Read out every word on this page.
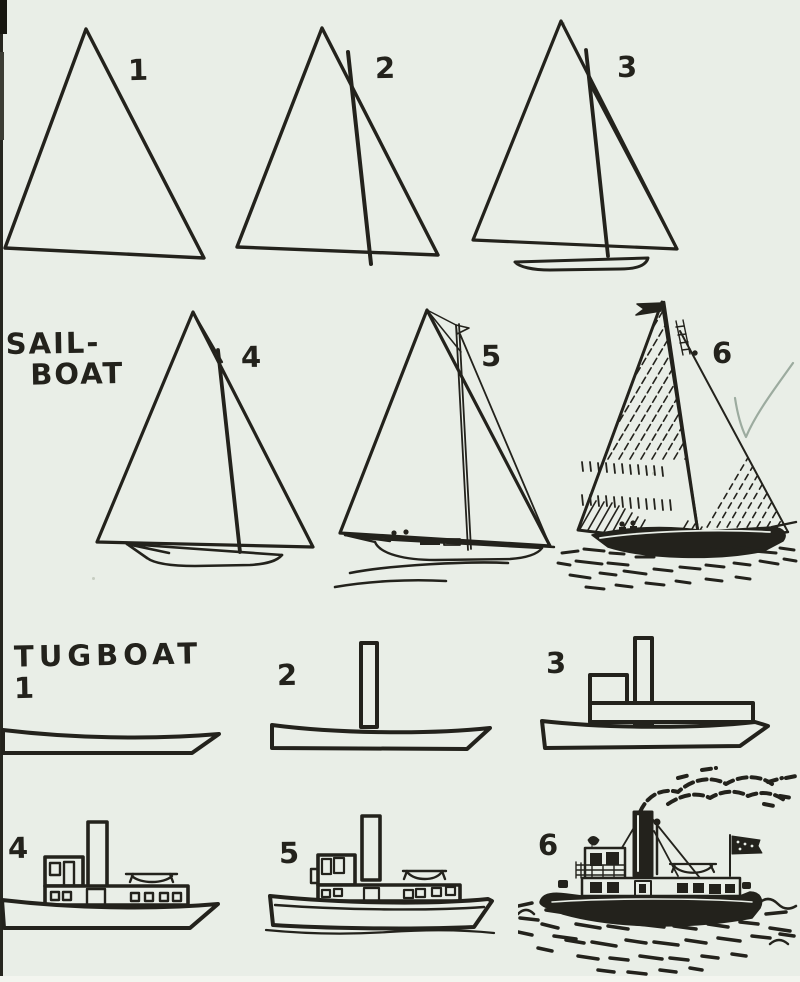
1	2	3
SAIL-
BOAT	4	5	6
TUGBOAT
1	2	3
4	5	6
